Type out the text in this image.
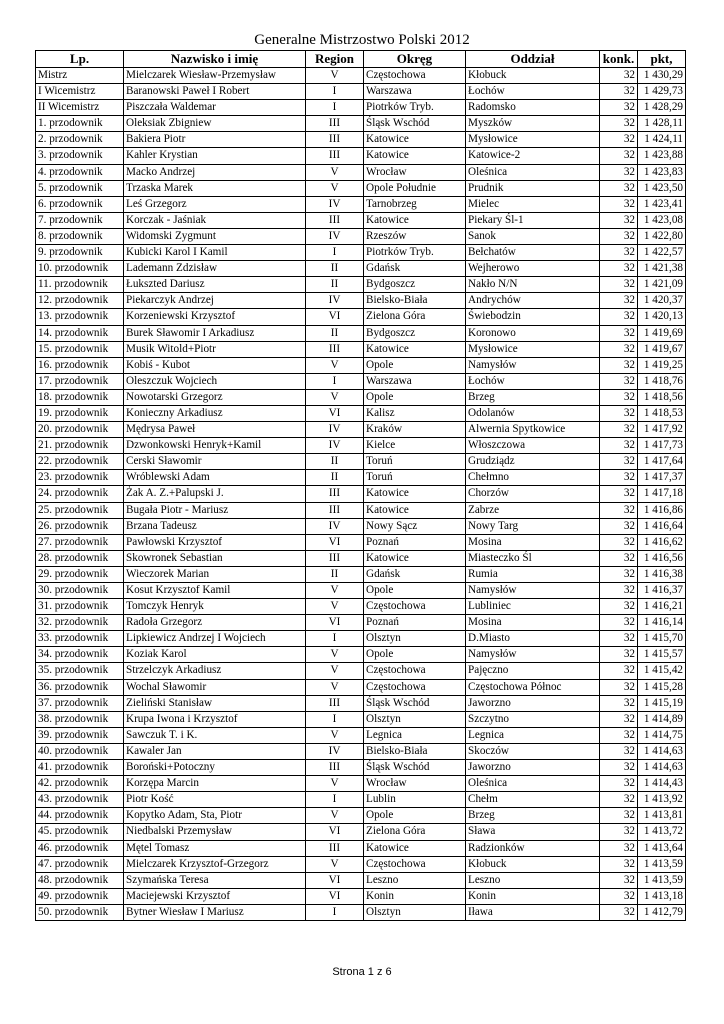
Generalne Mistrzostwo Polski 2012
Lp.	Nazwisko i imię	Region	Okręg	Oddział	konk.	pkt,
Mistrz	Mielczarek Wiesław-Przemysław	V	Częstochowa	Kłobuck	32	1 430,29
I Wicemistrz	Baranowski Paweł I Robert	I	Warszawa	Łochów	32	1 429,73
II Wicemistrz	Piszczała Waldemar	I	Piotrków Tryb.	Radomsko	32	1 428,29
1. przodownik	Oleksiak Zbigniew	III	Śląsk Wschód	Myszków	32	1 428,11
2. przodownik	Bakiera Piotr	III	Katowice	Mysłowice	32	1 424,11
3. przodownik	Kahler Krystian	III	Katowice	Katowice-2	32	1 423,88
4. przodownik	Macko Andrzej	V	Wrocław	Oleśnica	32	1 423,83
5. przodownik	Trzaska Marek	V	Opole Południe	Prudnik	32	1 423,50
6. przodownik	Leś Grzegorz	IV	Tarnobrzeg	Mielec	32	1 423,41
7. przodownik	Korczak - Jaśniak	III	Katowice	Piekary Śl-1	32	1 423,08
8. przodownik	Widomski Zygmunt	IV	Rzeszów	Sanok	32	1 422,80
9. przodownik	Kubicki Karol I Kamil	I	Piotrków Tryb.	Bełchatów	32	1 422,57
10. przodownik	Lademann Zdzisław	II	Gdańsk	Wejherowo	32	1 421,38
11. przodownik	Łukszted Dariusz	II	Bydgoszcz	Nakło N/N	32	1 421,09
12. przodownik	Piekarczyk Andrzej	IV	Bielsko-Biała	Andrychów	32	1 420,37
13. przodownik	Korzeniewski Krzysztof	VI	Zielona Góra	Świebodzin	32	1 420,13
14. przodownik	Burek Sławomir I Arkadiusz	II	Bydgoszcz	Koronowo	32	1 419,69
15. przodownik	Musik Witold+Piotr	III	Katowice	Mysłowice	32	1 419,67
16. przodownik	Kobiś - Kubot	V	Opole	Namysłów	32	1 419,25
17. przodownik	Oleszczuk Wojciech	I	Warszawa	Łochów	32	1 418,76
18. przodownik	Nowotarski Grzegorz	V	Opole	Brzeg	32	1 418,56
19. przodownik	Konieczny Arkadiusz	VI	Kalisz	Odolanów	32	1 418,53
20. przodownik	Mędrysa Paweł	IV	Kraków	Alwernia Spytkowice	32	1 417,92
21. przodownik	Dzwonkowski Henryk+Kamil	IV	Kielce	Włoszczowa	32	1 417,73
22. przodownik	Cerski Sławomir	II	Toruń	Grudziądz	32	1 417,64
23. przodownik	Wróblewski Adam	II	Toruń	Chełmno	32	1 417,37
24. przodownik	Żak A. Z.+Palupski J.	III	Katowice	Chorzów	32	1 417,18
25. przodownik	Bugała Piotr - Mariusz	III	Katowice	Zabrze	32	1 416,86
26. przodownik	Brzana Tadeusz	IV	Nowy Sącz	Nowy Targ	32	1 416,64
27. przodownik	Pawłowski Krzysztof	VI	Poznań	Mosina	32	1 416,62
28. przodownik	Skowronek Sebastian	III	Katowice	Miasteczko Śl	32	1 416,56
29. przodownik	Wieczorek Marian	II	Gdańsk	Rumia	32	1 416,38
30. przodownik	Kosut Krzysztof Kamil	V	Opole	Namysłów	32	1 416,37
31. przodownik	Tomczyk Henryk	V	Częstochowa	Lubliniec	32	1 416,21
32. przodownik	Radoła Grzegorz	VI	Poznań	Mosina	32	1 416,14
33. przodownik	Lipkiewicz Andrzej I Wojciech	I	Olsztyn	D.Miasto	32	1 415,70
34. przodownik	Koziak Karol	V	Opole	Namysłów	32	1 415,57
35. przodownik	Strzelczyk Arkadiusz	V	Częstochowa	Pajęczno	32	1 415,42
36. przodownik	Wochal Sławomir	V	Częstochowa	Częstochowa Północ	32	1 415,28
37. przodownik	Zieliński Stanisław	III	Śląsk Wschód	Jaworzno	32	1 415,19
38. przodownik	Krupa Iwona i Krzysztof	I	Olsztyn	Szczytno	32	1 414,89
39. przodownik	Sawczuk T. i K.	V	Legnica	Legnica	32	1 414,75
40. przodownik	Kawaler Jan	IV	Bielsko-Biała	Skoczów	32	1 414,63
41. przodownik	Boroński+Potoczny	III	Śląsk Wschód	Jaworzno	32	1 414,63
42. przodownik	Korzępa Marcin	V	Wrocław	Oleśnica	32	1 414,43
43. przodownik	Piotr Kość	I	Lublin	Chełm	32	1 413,92
44. przodownik	Kopytko Adam, Sta, Piotr	V	Opole	Brzeg	32	1 413,81
45. przodownik	Niedbalski Przemysław	VI	Zielona Góra	Sława	32	1 413,72
46. przodownik	Mętel Tomasz	III	Katowice	Radzionków	32	1 413,64
47. przodownik	Mielczarek Krzysztof-Grzegorz	V	Częstochowa	Kłobuck	32	1 413,59
48. przodownik	Szymańska Teresa	VI	Leszno	Leszno	32	1 413,59
49. przodownik	Maciejewski Krzysztof	VI	Konin	Konin	32	1 413,18
50. przodownik	Bytner Wiesław I Mariusz	I	Olsztyn	Iława	32	1 412,79
Strona 1 z 6
